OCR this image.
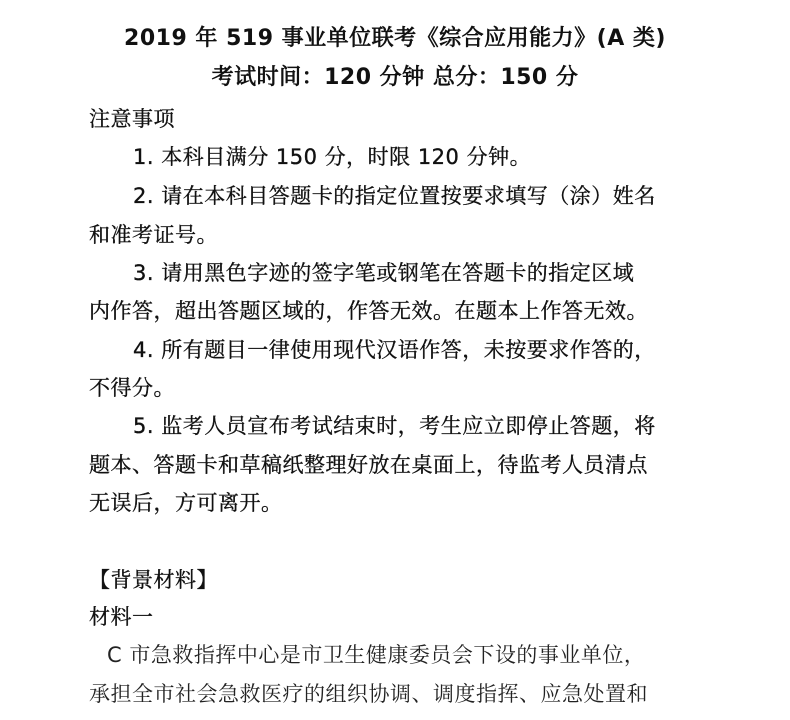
2019 年 519 事业单位联考《综合应用能力》(A 类)
考试时间：120 分钟 总分：150 分
注意事项
1. 本科目满分 150 分，时限 120 分钟。
2. 请在本科目答题卡的指定位置按要求填写（涂）姓名
和准考证号。
3. 请用黑色字迹的签字笔或钢笔在答题卡的指定区域
内作答，超出答题区域的，作答无效。在题本上作答无效。
4. 所有题目一律使用现代汉语作答，未按要求作答的，
不得分。
5. 监考人员宣布考试结束时，考生应立即停止答题，将
题本、答题卡和草稿纸整理好放在桌面上，待监考人员清点
无误后，方可离开。
【背景材料】
材料一
C 市急救指挥中心是市卫生健康委员会下设的事业单位，
承担全市社会急救医疗的组织协调、调度指挥、应急处置和
